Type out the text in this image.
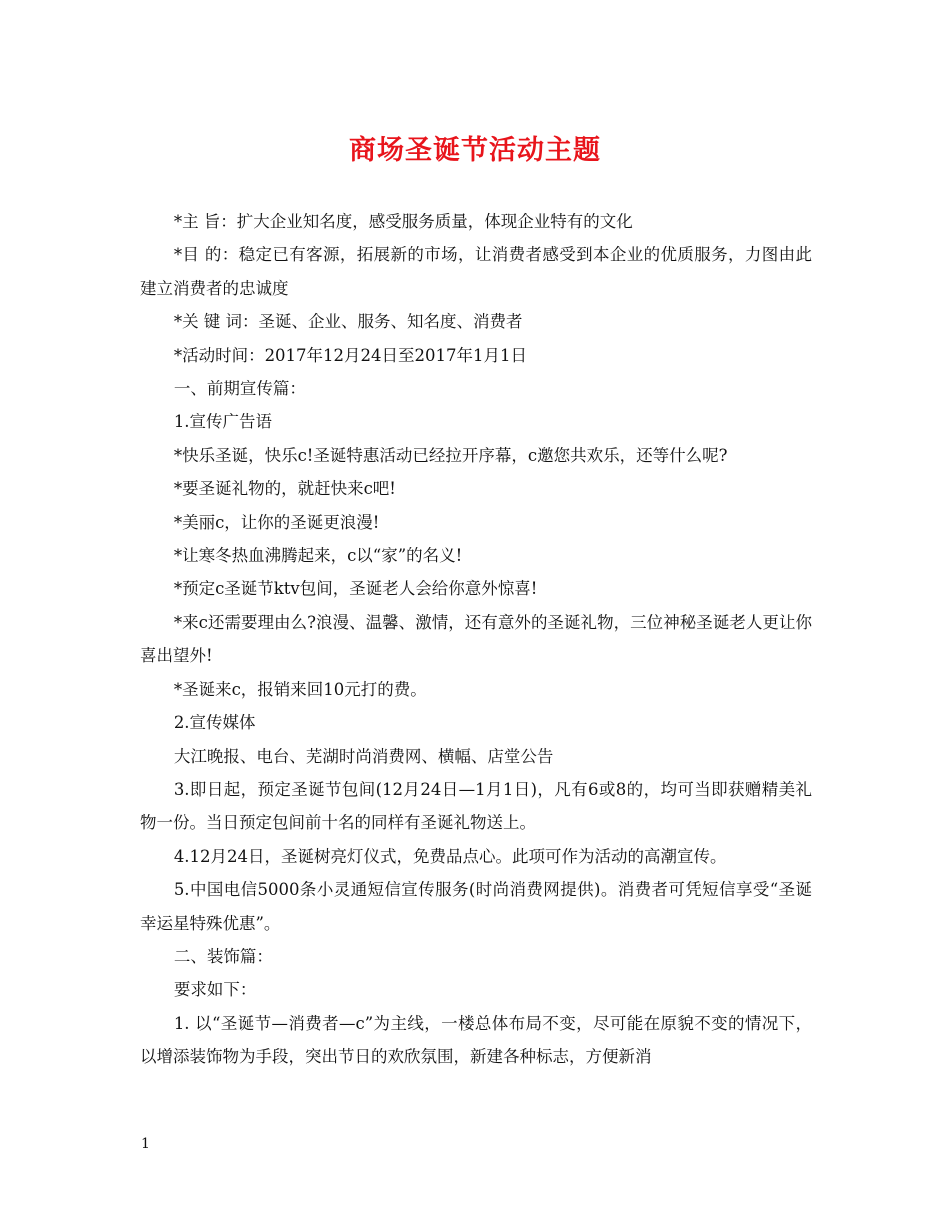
商场圣诞节活动主题

*主 旨：扩大企业知名度，感受服务质量，体现企业特有的文化

*目 的：稳定已有客源，拓展新的市场，让消费者感受到本企业的优质服务，力图由此建立消费者的忠诚度

*关 键 词：圣诞、企业、服务、知名度、消费者

*活动时间：2017年12月24日至2017年1月1日

一、前期宣传篇：

1.宣传广告语

*快乐圣诞，快乐c!圣诞特惠活动已经拉开序幕，c邀您共欢乐，还等什么呢?

*要圣诞礼物的，就赶快来c吧!

*美丽c，让你的圣诞更浪漫!

*让寒冬热血沸腾起来，c以“家”的名义!

*预定c圣诞节ktv包间，圣诞老人会给你意外惊喜!

*来c还需要理由么?浪漫、温馨、激情，还有意外的圣诞礼物，三位神秘圣诞老人更让你喜出望外!

*圣诞来c，报销来回10元打的费。

2.宣传媒体

大江晚报、电台、芜湖时尚消费网、横幅、店堂公告

3.即日起，预定圣诞节包间(12月24日—1月1日)，凡有6或8的，均可当即获赠精美礼物一份。当日预定包间前十名的同样有圣诞礼物送上。

4.12月24日，圣诞树亮灯仪式，免费品点心。此项可作为活动的高潮宣传。

5.中国电信5000条小灵通短信宣传服务(时尚消费网提供)。消费者可凭短信享受“圣诞幸运星特殊优惠”。

二、装饰篇：

要求如下：

1. 以“圣诞节—消费者—c”为主线，一楼总体布局不变，尽可能在原貌不变的情况下，以增添装饰物为手段，突出节日的欢欣氛围，新建各种标志，方便新消

1
